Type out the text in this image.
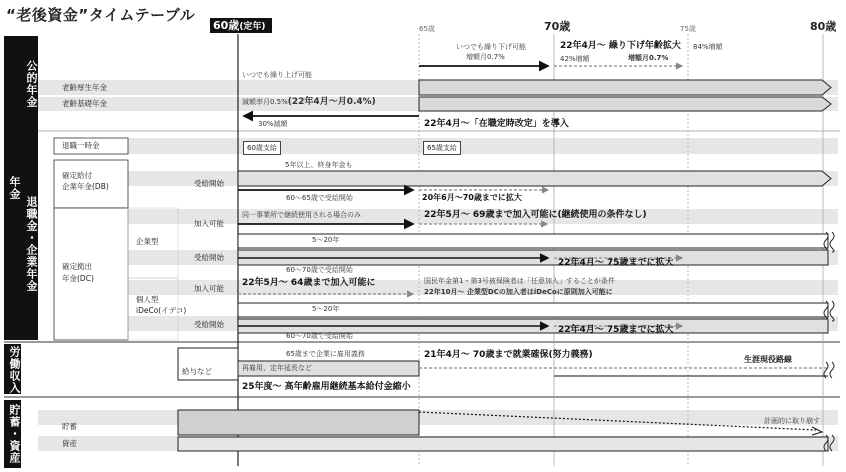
“老後資金”タイムテーブル
60歳(定年)	65歳	70歳	75歳	80歳
年金
公的年金
退職金・企業年金
労働収入
貯蓄・資産
老齢厚生年金
老齢基礎年金
いつでも繰り下げ可能
増額月0.7%
22年4月〜 繰り下げ年齢拡大
増額月0.7%
42%増額
84%増額
いつでも繰り上げ可能
減額率月0.5%(22年4月〜月0.4%)
30%減額	22年4月〜「在職定時改定」を導入
退職一時金	60歳支給	65歳支給
確定給付
企業年金(DB)	受給開始
5年以上、終身年金も
60〜65歳で受給開始	20年6月〜70歳までに拡大
確定拠出
年金(DC)
企業型
加入可能
同一事業所で継続使用される場合のみ	22年5月〜 69歳まで加入可能に(継続使用の条件なし)
5〜20年
受給開始
60〜70歳で受給開始
22年4月〜 75歳までに拡大
個人型
iDeCo(イデコ)
加入可能
22年5月〜 64歳まで加入可能に	国民年金第1・第3号被保険者は「任意加入」することが条件
22年10月〜 企業型DCの加入者はiDeCoに原則加入可能に
5〜20年
受給開始
60〜70歳で受給開始
22年4月〜 75歳までに拡大
給与など
65歳まで企業に雇用義務
再雇用、定年延長など
21年4月〜 70歳まで就業確保(努力義務)	生涯現役路線
25年度〜 高年齢雇用継続基本給付金縮小
貯蓄
資産
計画的に取り崩す
